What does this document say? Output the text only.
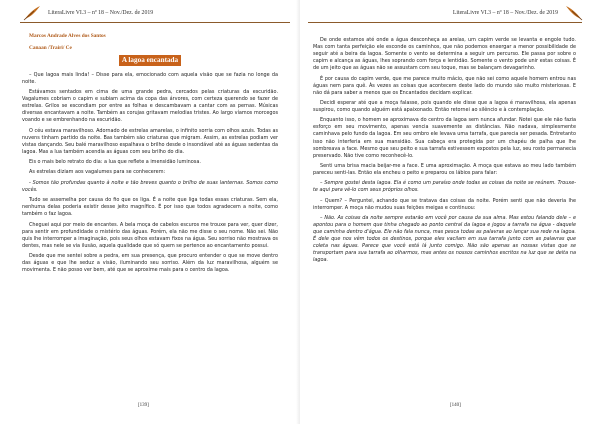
LiteraLivre VI.3 – nº 18 – Nov./Dez. de 2019

Marcos Andrade Alves dos Santos

Canaan /Trairi/ Ce

A lagoa encantada

– Que lagoa mais linda! – Disse para ela, emocionado com aquela visão que se fazia no longe da noite.

Estávamos sentados em cima de uma grande pedra, cercados pelas criaturas da escuridão. Vagalumes cobriam o capim e subiam acima da copa das árvores, com certeza querendo se fazer de estrelas. Grilos se escondiam por entre as folhas e descambavam a cantar com as pernas. Músicas diversas encantavam a noite. Também as corujas gritavam melodias tristes. Ao largo víamos morcegos voando e se embrenhando na escuridão.

O céu estava maravilhoso. Adornado de estrelas amarelas, o infinito sorria com olhos azuis. Todas as nuvens tinham partido da noite. Bas também são criaturas que migram. Assim, as estrelas podiam ver vistas dançando. Seu balé maravilhoso espalhava o brilho desde o insondável até as águas sedentas da lagoa. Mas a lua também acendia as águas com seu brilho do dia.

Eis o mais belo retrato do dia: a lua que reflete a imensidão luminosa.

As estrelas diziam aos vagalumes para se conhecerem:

- Somos tão profundas quanto à noite e tão breves quanto o brilho de suas lanternas. Somos como vocês.

Tudo se assemelha por causa do fio que os liga. É a noite que liga todas essas criaturas. Sem ela, nenhuma delas poderia existir desse jeito magnífico. É por isso que todos agradecem a noite, como também o faz lagoa.

Cheguei aqui por meio de encantes. A bela moça de cabelos escuros me trouxe para ver, quer dizer, para sentir em profundidade o mistério das águas. Porém, ela não me disse o seu nome. Não sei. Não quis lhe interromper a imaginação, pois seus olhos estavam fixos na água. Seu sorriso não mostrava os dentes, mas nele se via ilusão, aquela qualidade que só quem se pertence ao encantamento possui.

Desde que me sentei sobre a pedra, em sua presença, que procuro entender o que se move dentro das águas e que lhe seduz a visão, iluminando seu sorriso. Além da luz maravilhosa, alguém se movimenta. E não posso ver bem, até que se aproxime mais para o centro da lagoa.

[139]
LiteraLivre VI.3 – nº 18 – Nov./Dez. de 2019

De onde estamos até onde a água desconheça as areias, um capim verde se levanta e engole tudo. Mas com tanta perfeição ele esconde os caminhos, que não podemos enxergar a menor possibilidade de seguir até a beira da lagoa. Somente o vento se determina a seguir um percurso. Ele passa por sobre o capim e alcança as águas, lhes soprando com força e lentidão. Somente o vento pode unir estas coisas. É de um jeito que as águas não se assustam com seu toque, mas se balançam devagarinho.

É por causa do capim verde, que me parece muito mácio, que não sei como aquele homem entrou nas águas nem para quê. Às vezes as coisas que acontecem deste lado do mundo são muito misteriosas. E não dá para saber a menos que os Encantados decidam explicar.

Decidi esperar até que a moça falasse, pois quando ele disse que a lagoa é maravilhosa, ela apenas suspirou, como quando alguém está apaixonado. Então retornei ao silêncio e à contemplação.

Enquanto isso, o homem se aproximava do centro da lagoa sem nunca afundar. Notei que ele não fazia esforço em seu movimento, apenas vencia suavemente as distâncias. Não nadava, simplesmente caminhava pelo fundo da lagoa. Em seu ombro ele levava uma tarrafa, que parecia ser pesada. Entretanto isso não interferia em sua mansidão. Sua cabeça era protegida por um chapéu de palha que lhe sombreava a face. Mesmo que seu peito e sua tarrafa estivessem expostos pela luz, seu rosto permanecia preservado. Não tive como reconhecê-lo.

Senti uma brisa macia beijar-me a face. E uma aproximação. A moça que estava ao meu lado também pareceu senti-las. Então ela encheu o peito e preparou os lábios para falar:

– Sempre gostei desta lagoa. Ela é como um paraíso onde todas as coisas da noite se reúnem. Trouxe-te aqui para vê-lo com seus próprios olhos.

– Quem? – Perguntei, achando que se tratava das coisas da noite. Porém senti que não deveria lhe interromper. A moça não mudou suas feições meigas e continuou:

– Não. As coisas da noite sempre estarão em você por causa da sua alma. Mas estou falando dele – e apontou para o homem que tinha chegado ao ponto central da lagoa e jogou a tarrafa na água - daquele que caminha dentro d'água. Ele não fala nunca, mas pesca todas as palavras ao lançar sua rede na lagoa. É dele que nos vêm todos os destinos, porque eles vacilam em sua tarrafa junto com as palavras que coleta nas águas. Parece que você está lá junto comigo. Não são apenas as nossas vistas que se transportam para sua tarrafa ao olharmos, mas antes os nossos caminhos escritos na luz que se deita na lagoa.

[140]
